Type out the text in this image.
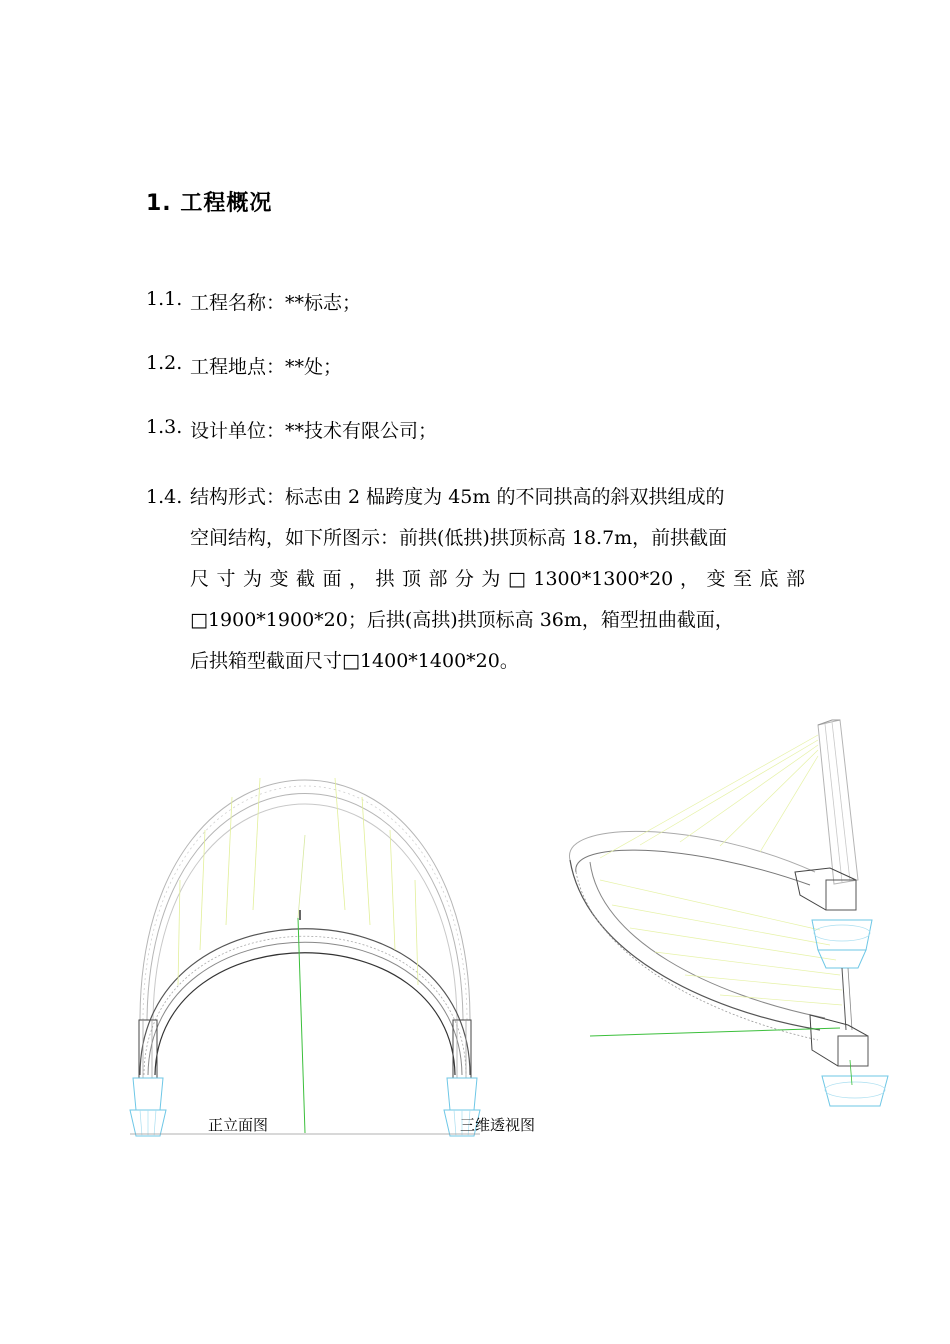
1. 工程概况
1.1. 工程名称：**标志；
1.2. 工程地点：**处；
1.3. 设计单位：**技术有限公司；
1.4. 结构形式：标志由 2 榀跨度为 45m 的不同拱高的斜双拱组成的
空间结构，如下所图示：前拱(低拱)拱顶标高 18.7m，前拱截面
尺 寸 为 变 截 面 ， 拱 顶 部 分 为 □ 1300*1300*20 ， 变 至 底 部
□1900*1900*20；后拱(高拱)拱顶标高 36m，箱型扭曲截面，
后拱箱型截面尺寸□1400*1400*20。
正立面图	三维透视图
